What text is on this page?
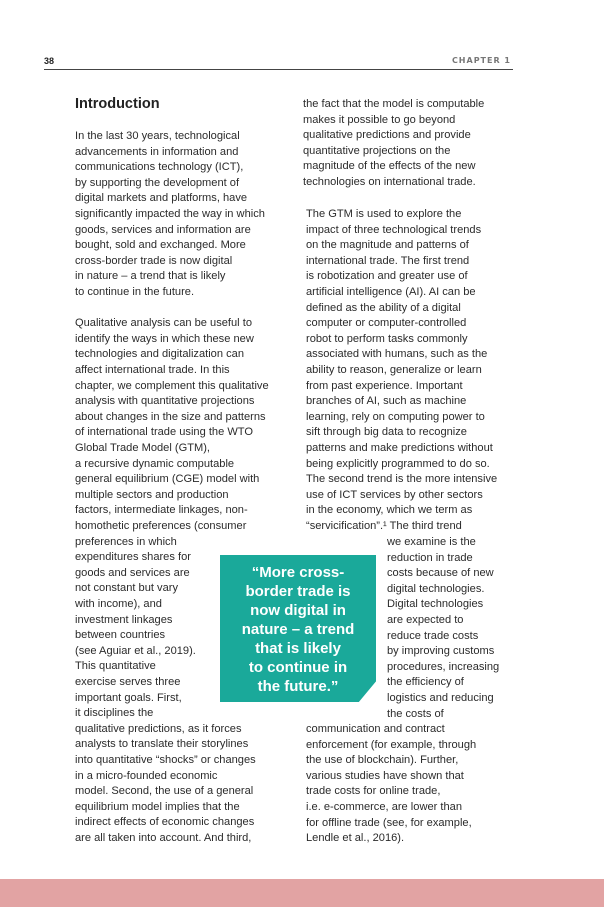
38	CHAPTER 1
Introduction
In the last 30 years, technological
advancements in information and
communications technology (ICT),
by supporting the development of
digital markets and platforms, have
significantly impacted the way in which
goods, services and information are
bought, sold and exchanged. More
cross-border trade is now digital
in nature – a trend that is likely
to continue in the future.
Qualitative analysis can be useful to
identify the ways in which these new
technologies and digitalization can
affect international trade. In this
chapter, we complement this qualitative
analysis with quantitative projections
about changes in the size and patterns
of international trade using the WTO
Global Trade Model (GTM),
a recursive dynamic computable
general equilibrium (CGE) model with
multiple sectors and production
factors, intermediate linkages, non-
homothetic preferences (consumer
preferences in which
expenditures shares for
goods and services are
not constant but vary
with income), and
investment linkages
between countries
(see Aguiar et al., 2019).
This quantitative
exercise serves three
important goals. First,
it disciplines the
qualitative predictions, as it forces
analysts to translate their storylines
into quantitative “shocks” or changes
in a micro-founded economic
model. Second, the use of a general
equilibrium model implies that the
indirect effects of economic changes
are all taken into account. And third,
the fact that the model is computable
makes it possible to go beyond
qualitative predictions and provide
quantitative projections on the
magnitude of the effects of the new
technologies on international trade.
The GTM is used to explore the
impact of three technological trends
on the magnitude and patterns of
international trade. The first trend
is robotization and greater use of
artificial intelligence (AI). AI can be
defined as the ability of a digital
computer or computer-controlled
robot to perform tasks commonly
associated with humans, such as the
ability to reason, generalize or learn
from past experience. Important
branches of AI, such as machine
learning, rely on computing power to
sift through big data to recognize
patterns and make predictions without
being explicitly programmed to do so.
The second trend is the more intensive
use of ICT services by other sectors
in the economy, which we term as
“servicification”.¹ The third trend
we examine is the
reduction in trade
costs because of new
digital technologies.
Digital technologies
are expected to
reduce trade costs
by improving customs
procedures, increasing
the efficiency of
logistics and reducing
the costs of
communication and contract
enforcement (for example, through
the use of blockchain). Further,
various studies have shown that
trade costs for online trade,
i.e. e-commerce, are lower than
for offline trade (see, for example,
Lendle et al., 2016).
“More cross-
border trade is
now digital in
nature – a trend
that is likely
to continue in
the future.”
